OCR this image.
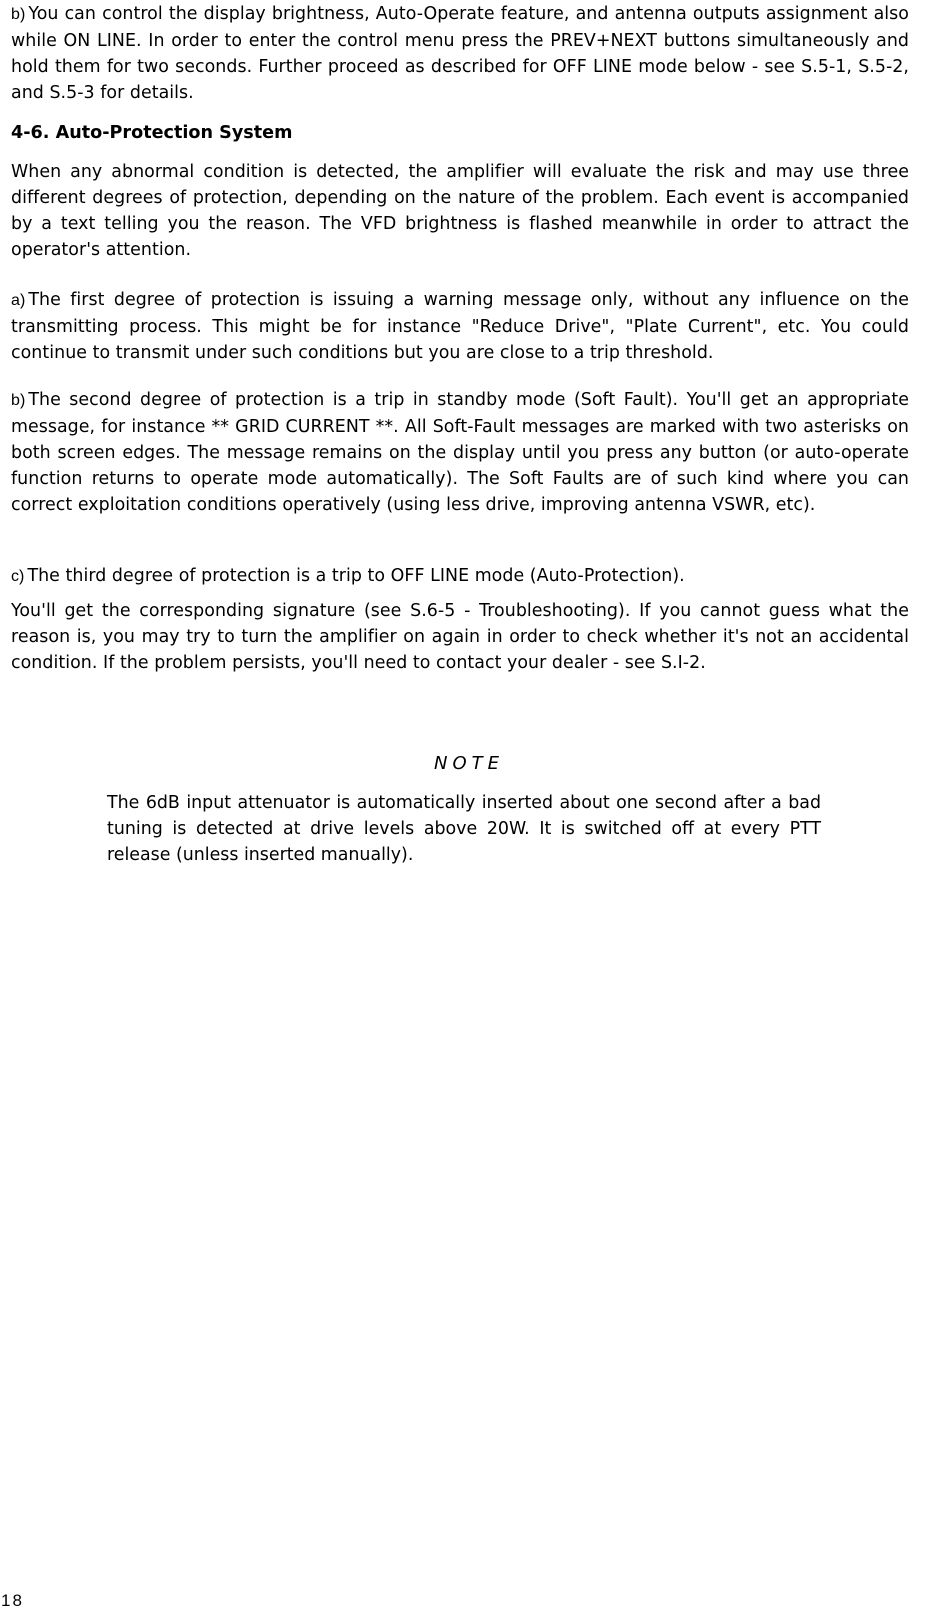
b) You can control the display brightness, Auto-Operate feature, and antenna outputs assignment also while ON LINE. In order to enter the control menu press the PREV+NEXT buttons simultaneously and hold them for two seconds. Further proceed as described for OFF LINE mode below - see S.5-1, S.5-2, and S.5-3 for details.

4-6. Auto-Protection System

When any abnormal condition is detected, the amplifier will evaluate the risk and may use three different degrees of protection, depending on the nature of the problem. Each event is accompanied by a text telling you the reason. The VFD brightness is flashed meanwhile in order to attract the operator's attention.

a) The first degree of protection is issuing a warning message only, without any influence on the transmitting process. This might be for instance "Reduce Drive", "Plate Current", etc. You could continue to transmit under such conditions but you are close to a trip threshold.

b) The second degree of protection is a trip in standby mode (Soft Fault). You'll get an appropriate message, for instance ** GRID CURRENT **. All Soft-Fault messages are marked with two asterisks on both screen edges. The message remains on the display until you press any button (or auto-operate function returns to operate mode automatically). The Soft Faults are of such kind where you can correct exploitation conditions operatively (using less drive, improving antenna VSWR, etc).

c) The third degree of protection is a trip to OFF LINE mode (Auto-Protection).

You'll get the corresponding signature (see S.6-5 - Troubleshooting). If you cannot guess what the reason is, you may try to turn the amplifier on again in order to check whether it's not an accidental condition. If the problem persists, you'll need to contact your dealer - see S.I-2.

NOTE

The 6dB input attenuator is automatically inserted about one second after a bad tuning is detected at drive levels above 20W. It is switched off at every PTT release (unless inserted manually).

18
